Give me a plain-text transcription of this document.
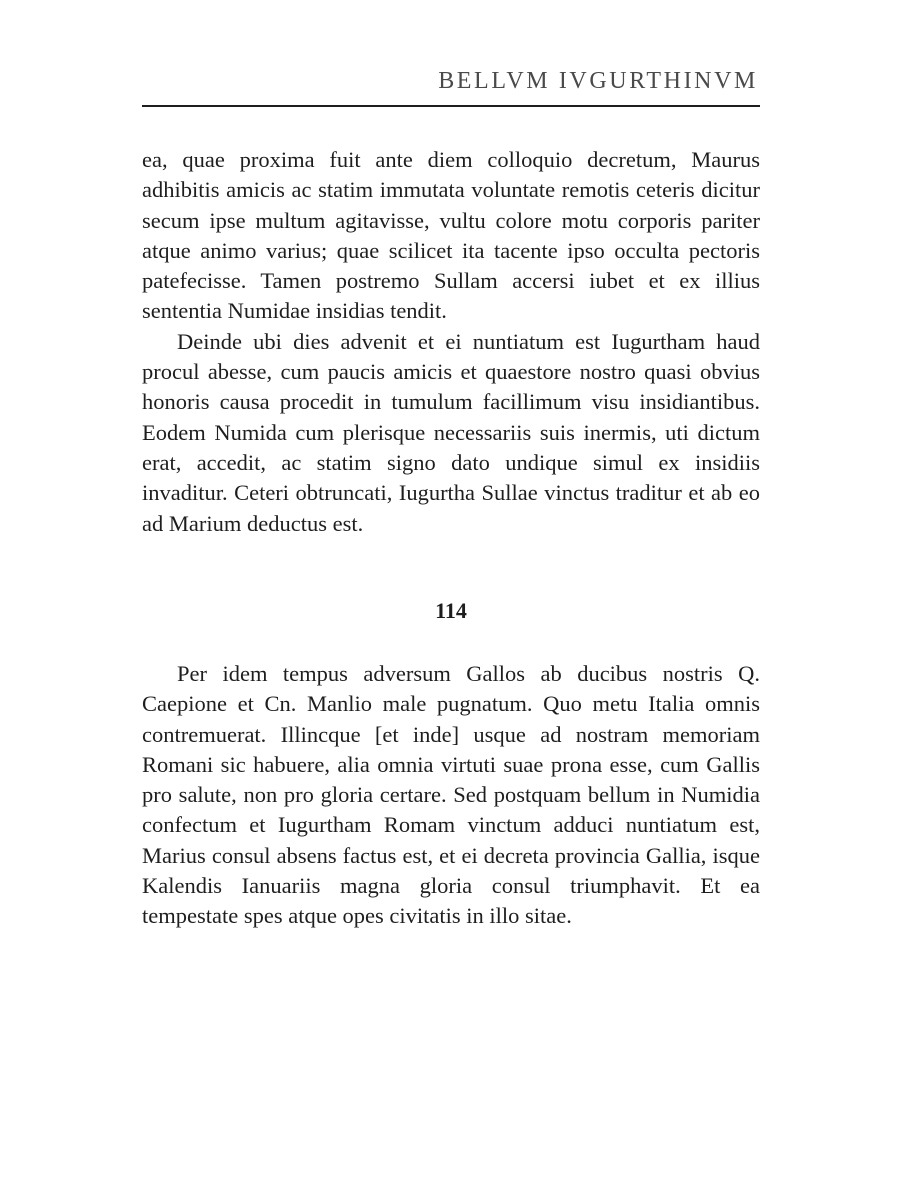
BELLVM IVGURTHINVM

ea, quae proxima fuit ante diem colloquio decretum, Maurus adhibitis amicis ac statim immutata voluntate remotis ceteris dicitur secum ipse multum agitavisse, vultu colore motu corporis pariter atque animo varius; quae scilicet ita tacente ipso occulta pectoris patefecisse. Tamen postremo Sullam accersi iubet et ex illius sententia Numidae insidias tendit.

Deinde ubi dies advenit et ei nuntiatum est Iugurtham haud procul abesse, cum paucis amicis et quaestore nostro quasi obvius honoris causa procedit in tumulum facillimum visu insidiantibus. Eodem Numida cum plerisque necessariis suis inermis, uti dictum erat, accedit, ac statim signo dato undique simul ex insidiis invaditur. Ceteri obtruncati, Iugurtha Sullae vinctus traditur et ab eo ad Marium deductus est.

114

Per idem tempus adversum Gallos ab ducibus nostris Q. Caepione et Cn. Manlio male pugnatum. Quo metu Italia omnis contremuerat. Illincque [et inde] usque ad nostram memoriam Romani sic habuere, alia omnia virtuti suae prona esse, cum Gallis pro salute, non pro gloria certare. Sed postquam bellum in Numidia confectum et Iugurtham Romam vinctum adduci nuntiatum est, Marius consul absens factus est, et ei decreta provincia Gallia, isque Kalendis Ianuariis magna gloria consul triumphavit. Et ea tempestate spes atque opes civitatis in illo sitae.
